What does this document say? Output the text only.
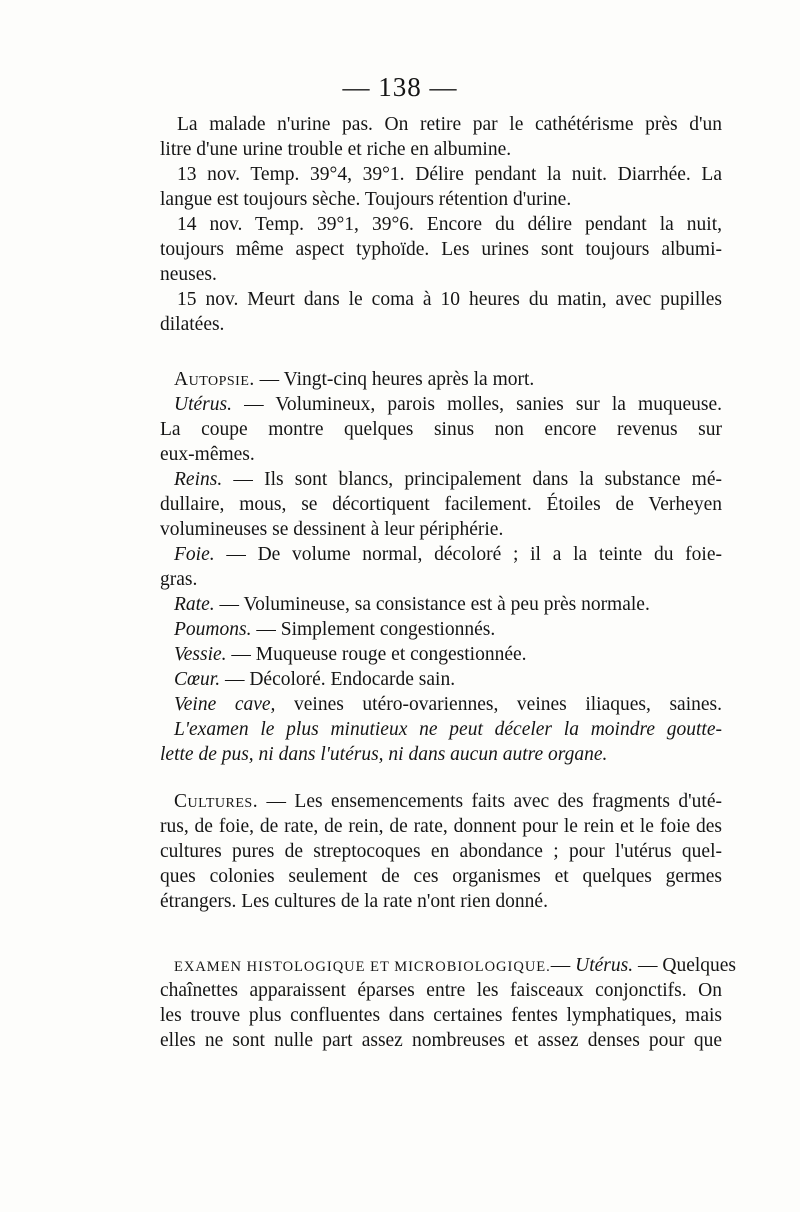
— 138 —
La malade n'urine pas. On retire par le cathétérisme près d'un
litre d'une urine trouble et riche en albumine.
13 nov. Temp. 39°4, 39°1. Délire pendant la nuit. Diarrhée. La
langue est toujours sèche. Toujours rétention d'urine.
14 nov. Temp. 39°1, 39°6. Encore du délire pendant la nuit,
toujours même aspect typhoïde. Les urines sont toujours albumi-
neuses.
15 nov. Meurt dans le coma à 10 heures du matin, avec pupilles
dilatées.
Autopsie. — Vingt-cinq heures après la mort.
Utérus. — Volumineux, parois molles, sanies sur la muqueuse.
La coupe montre quelques sinus non encore revenus sur
eux-mêmes.
Reins. — Ils sont blancs, principalement dans la substance mé-
dullaire, mous, se décortiquent facilement. Étoiles de Verheyen
volumineuses se dessinent à leur périphérie.
Foie. — De volume normal, décoloré ; il a la teinte du foie-
gras.
Rate. — Volumineuse, sa consistance est à peu près normale.
Poumons. — Simplement congestionnés.
Vessie. — Muqueuse rouge et congestionnée.
Cœur. — Décoloré. Endocarde sain.
Veine cave, veines utéro-ovariennes, veines iliaques, saines.
L'examen le plus minutieux ne peut déceler la moindre goutte-
lette de pus, ni dans l'utérus, ni dans aucun autre organe.
Cultures. — Les ensemencements faits avec des fragments d'uté-
rus, de foie, de rate, de rein, de rate, donnent pour le rein et le foie des
cultures pures de streptocoques en abondance ; pour l'utérus quel-
ques colonies seulement de ces organismes et quelques germes
étrangers. Les cultures de la rate n'ont rien donné.
EXAMEN HISTOLOGIQUE ET MICROBIOLOGIQUE.— Utérus. — Quelques
chaînettes apparaissent éparses entre les faisceaux conjonctifs. On
les trouve plus confluentes dans certaines fentes lymphatiques, mais
elles ne sont nulle part assez nombreuses et assez denses pour que
